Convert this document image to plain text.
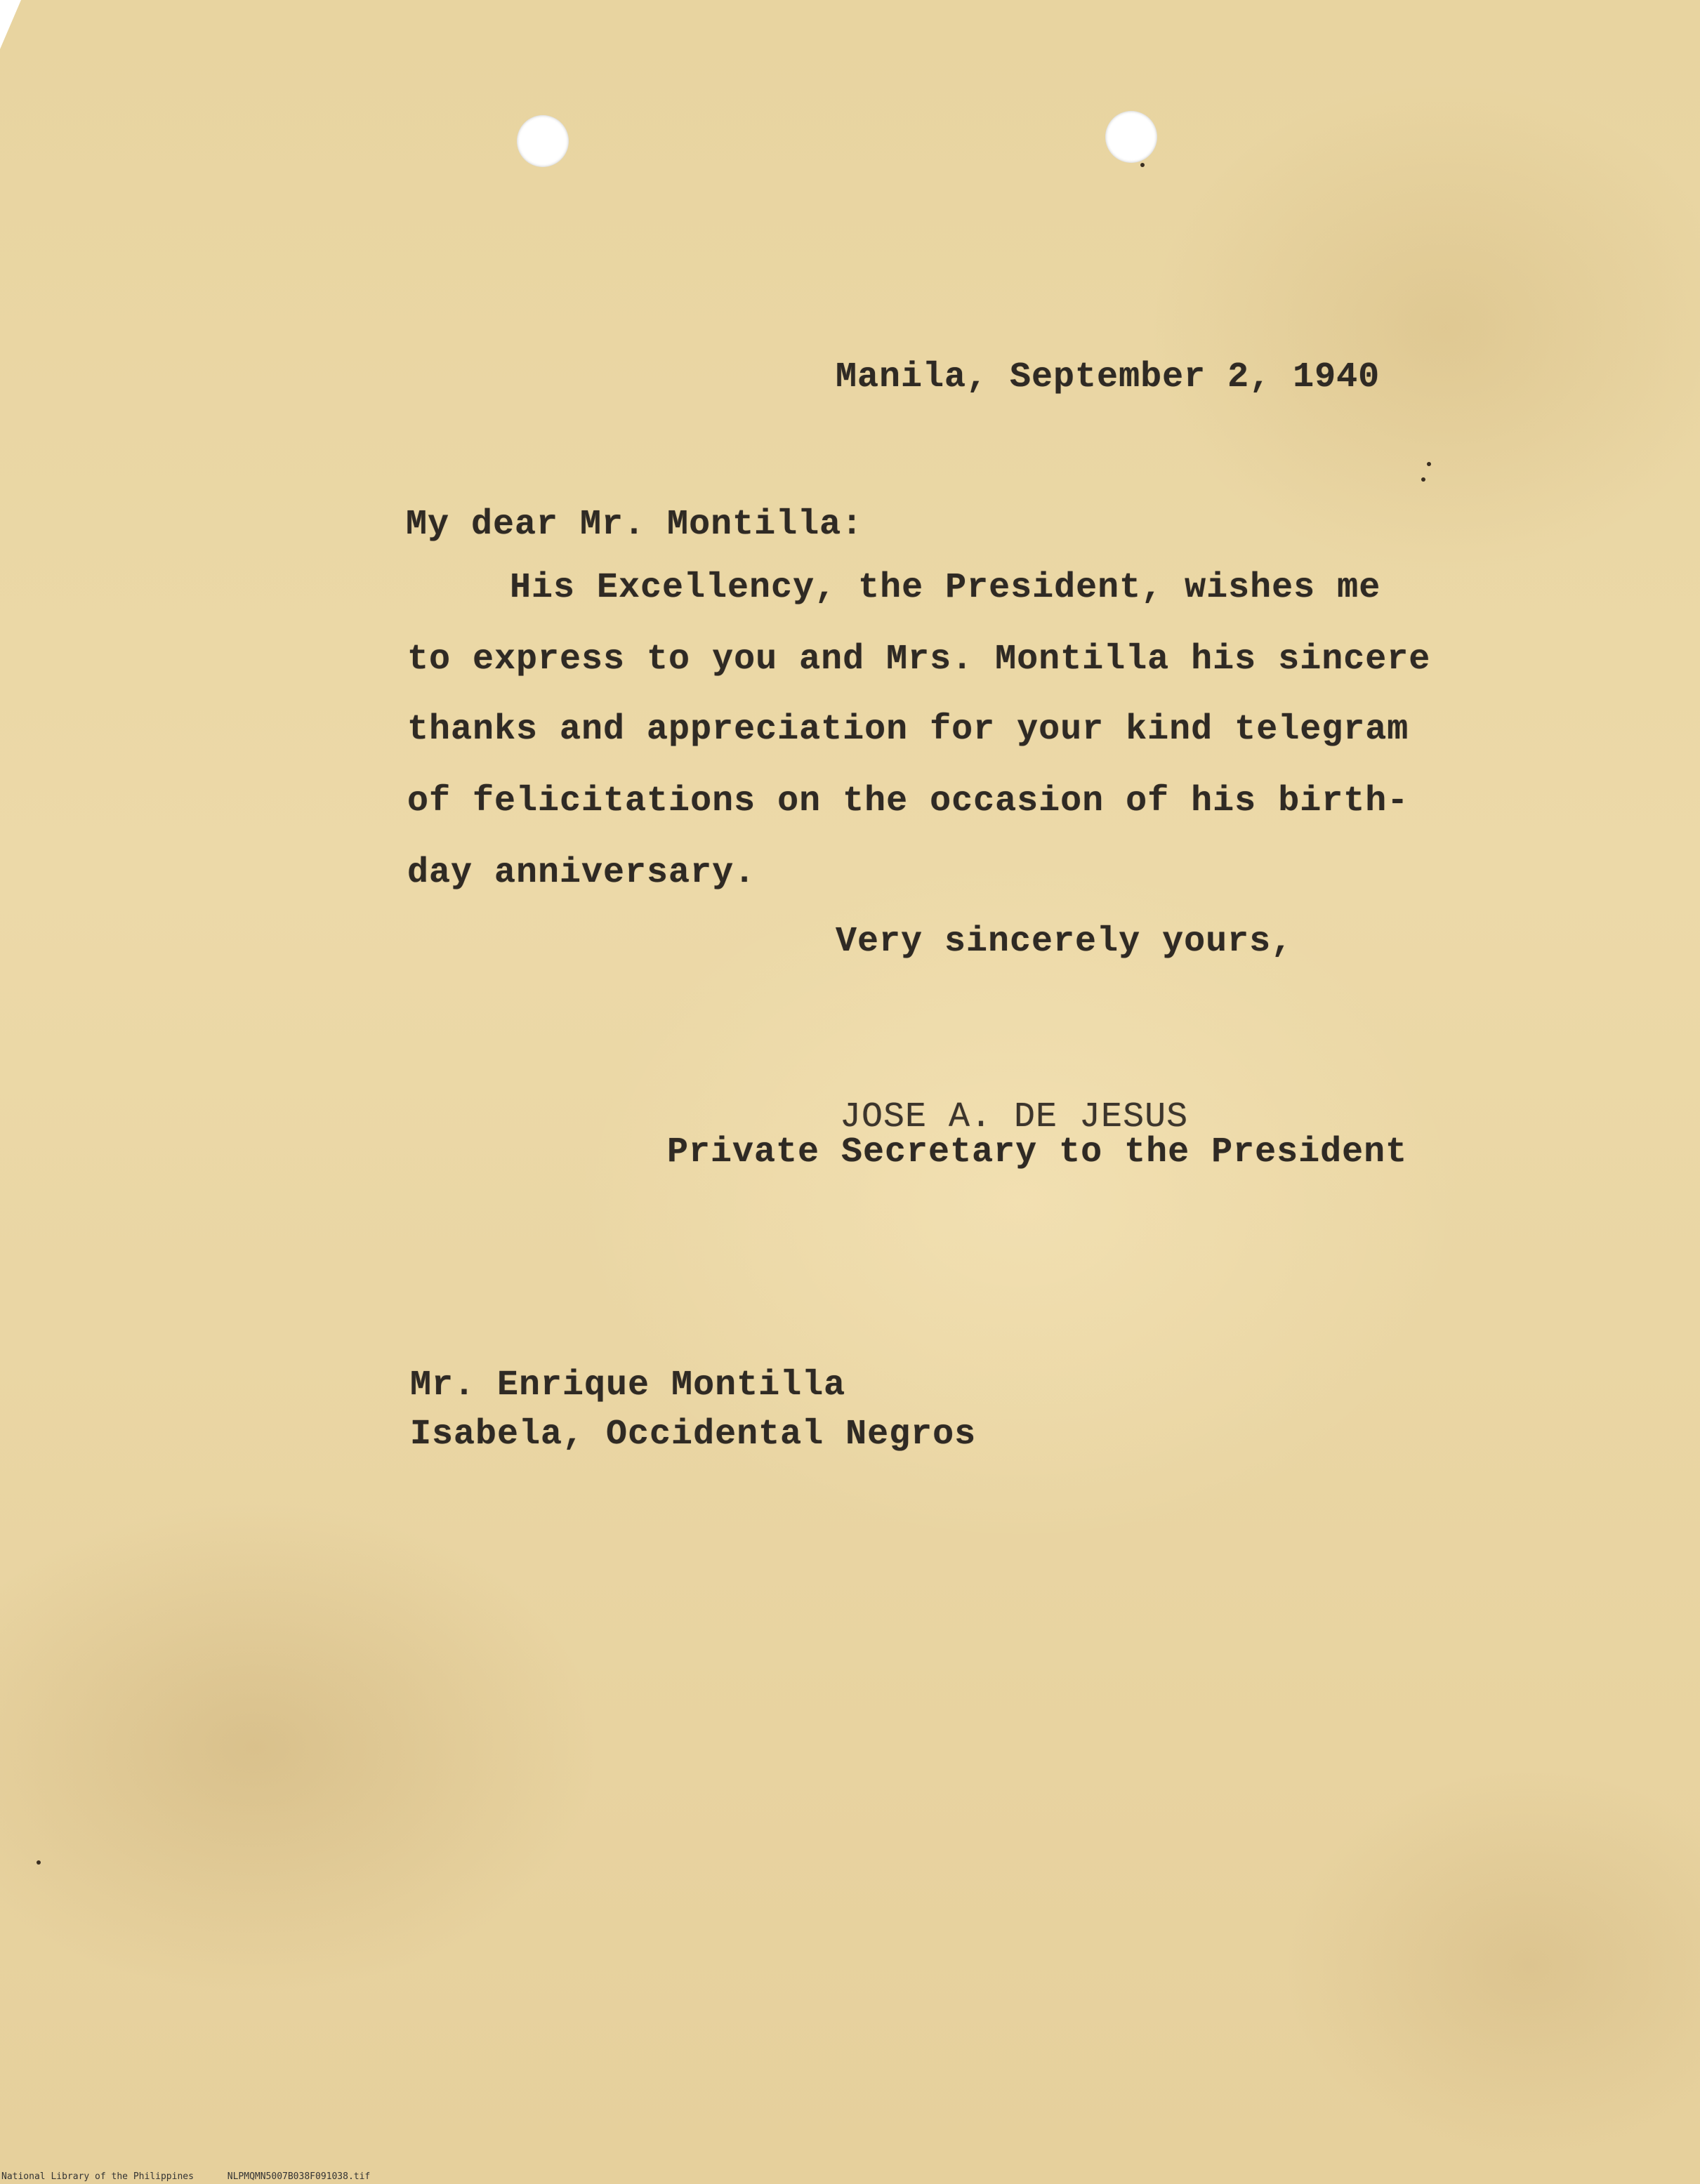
Manila, September 2, 1940

My dear Mr. Montilla:

His Excellency, the President, wishes me

to express to you and Mrs. Montilla his sincere

thanks and appreciation for your kind telegram

of felicitations on the occasion of his birth-

day anniversary.

Very sincerely yours,

JOSE A. DE JESUS

Private Secretary to the President

Mr. Enrique Montilla

Isabela, Occidental Negros

National Library of the Philippines	NLPMQMN5007B038F091038.tif
